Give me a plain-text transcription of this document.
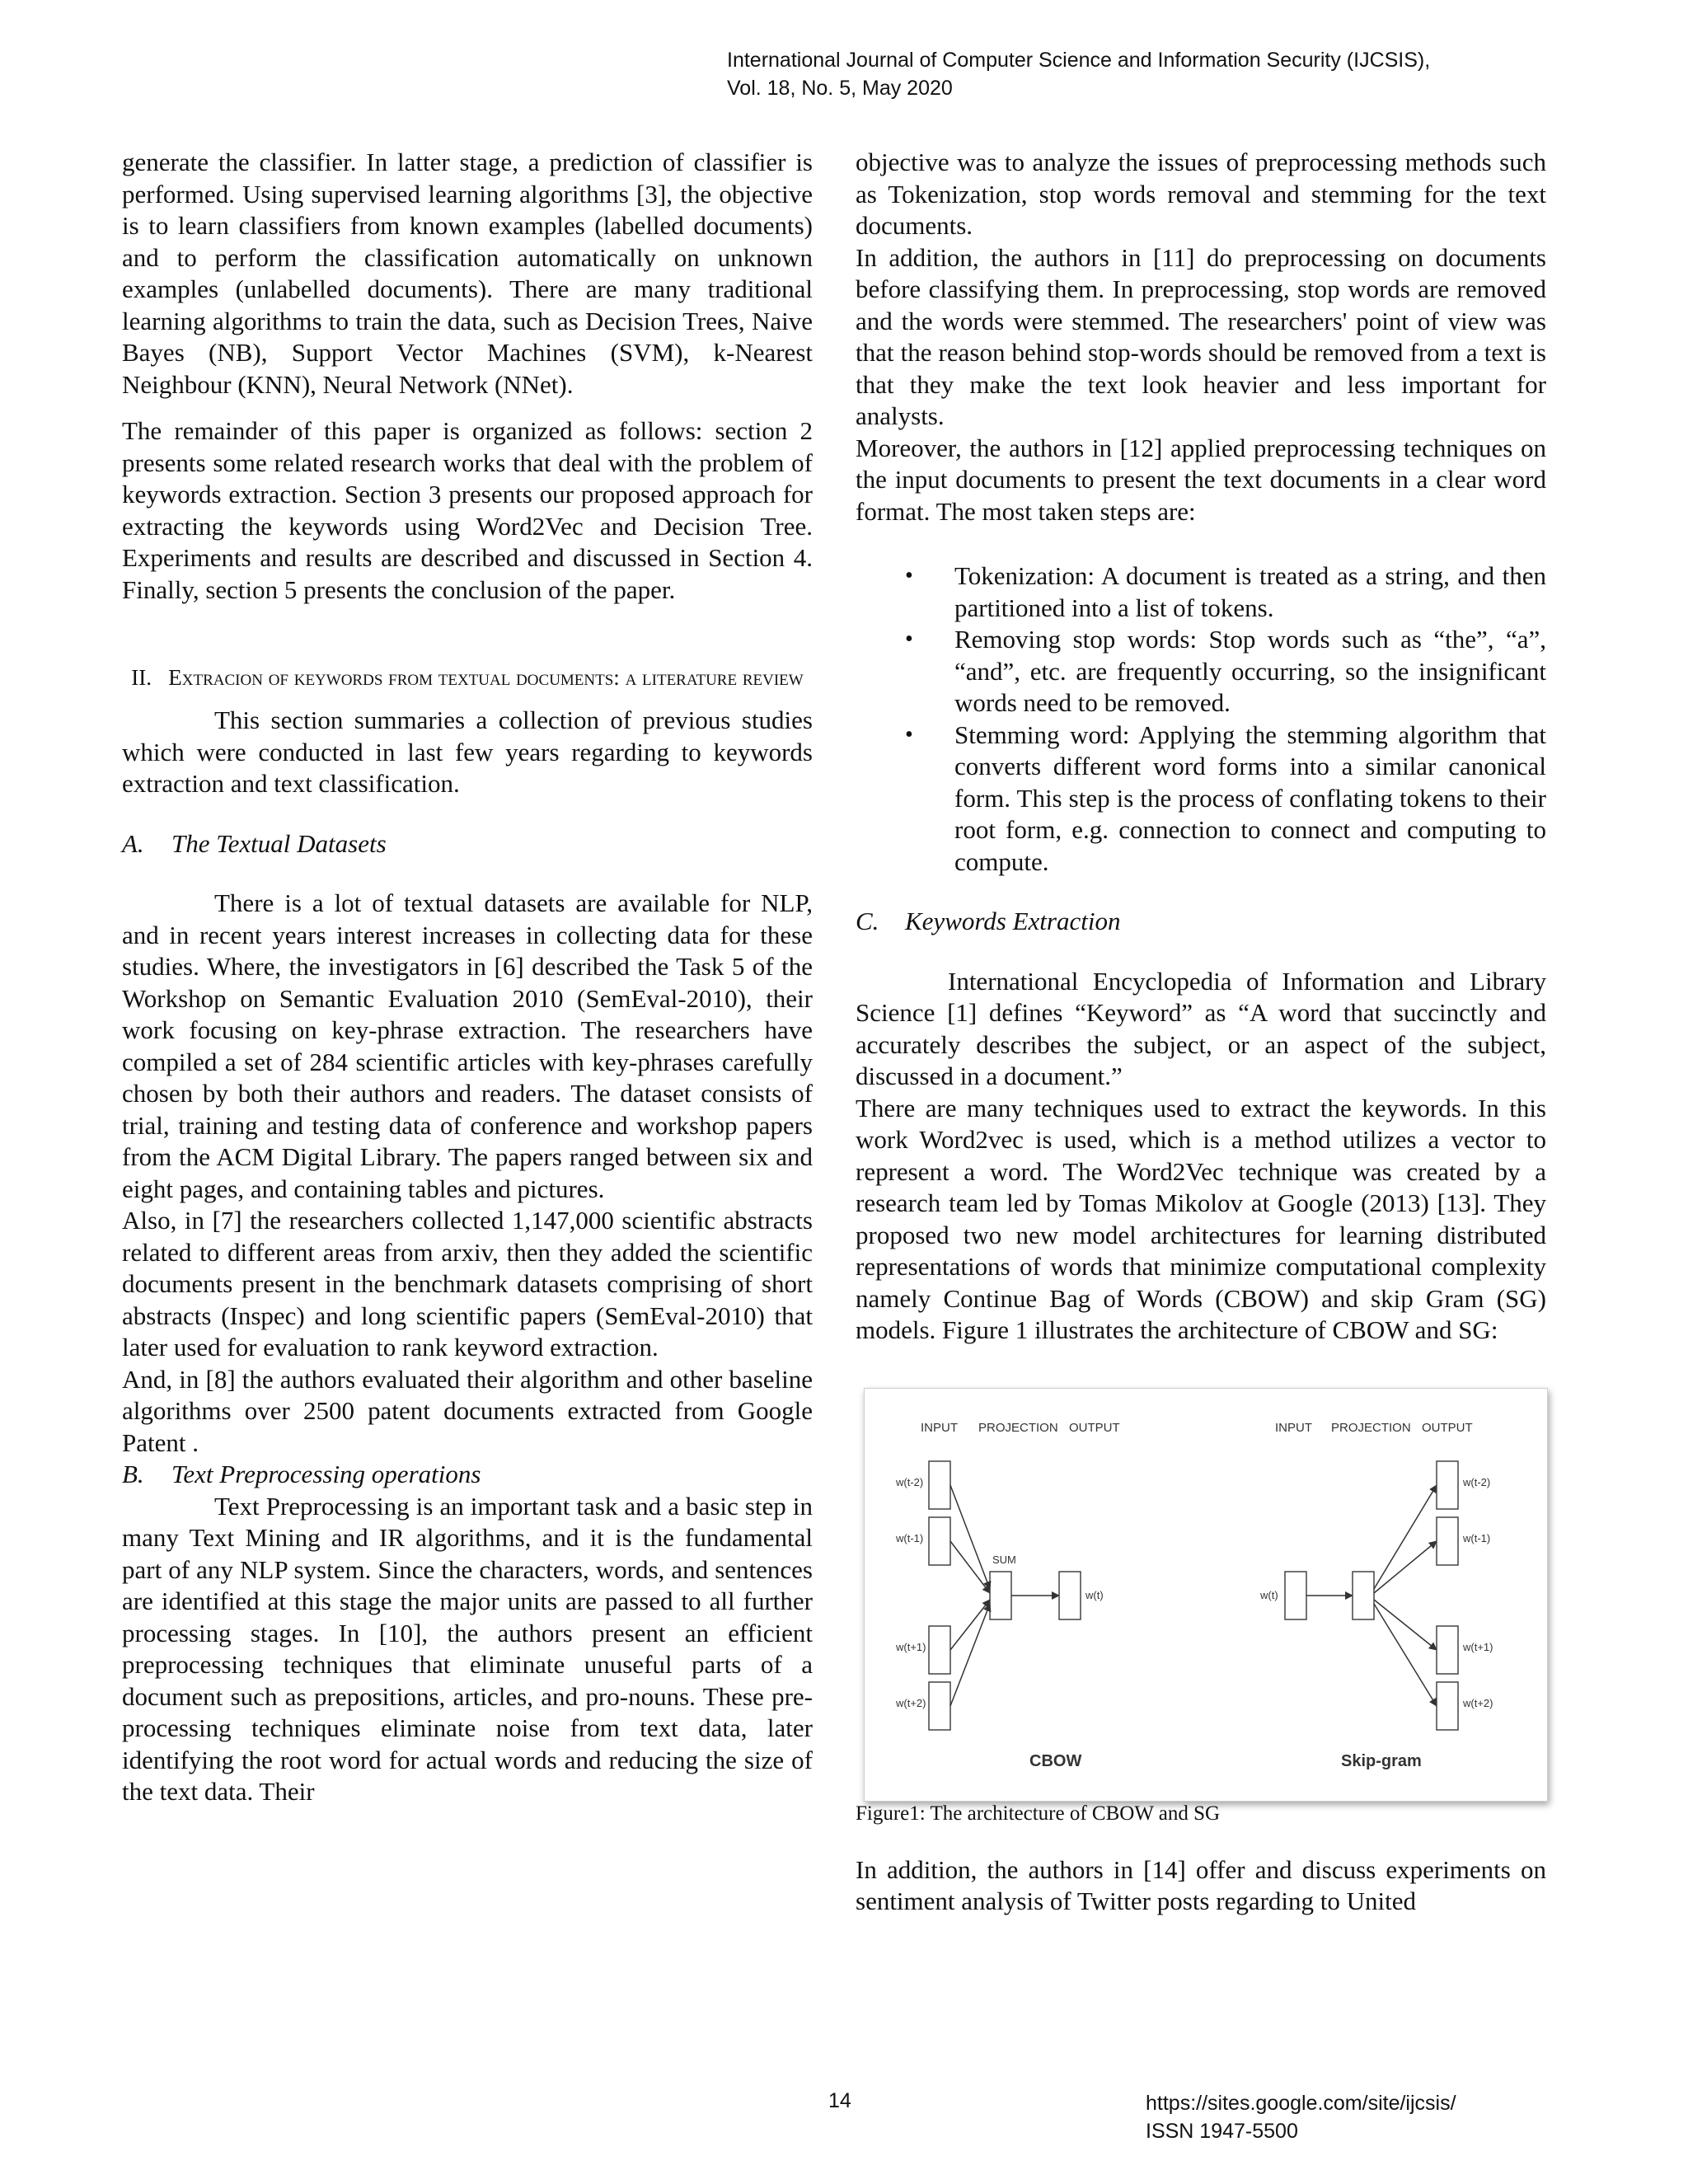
International Journal of Computer Science and Information Security (IJCSIS),
Vol. 18, No. 5, May 2020

generate the classifier. In latter stage, a prediction of classifier is performed. Using supervised learning algorithms [3], the objective is to learn classifiers from known examples (labelled documents) and to perform the classification automatically on unknown examples (unlabelled documents). There are many traditional learning algorithms to train the data, such as Decision Trees, Naive Bayes (NB), Support Vector Machines (SVM), k-Nearest Neighbour (KNN), Neural Network (NNet).

The remainder of this paper is organized as follows: section 2 presents some related research works that deal with the problem of keywords extraction. Section 3 presents our proposed approach for extracting the keywords using Word2Vec and Decision Tree. Experiments and results are described and discussed in Section 4. Finally, section 5 presents the conclusion of the paper.

II. Extracion of keywords from textual documents: a literature review

This section summaries a collection of previous studies which were conducted in last few years regarding to keywords extraction and text classification.

A. The Textual Datasets

There is a lot of textual datasets are available for NLP, and in recent years interest increases in collecting data for these studies. Where, the investigators in [6] described the Task 5 of the Workshop on Semantic Evaluation 2010 (SemEval-2010), their work focusing on key-phrase extraction. The researchers have compiled a set of 284 scientific articles with key-phrases carefully chosen by both their authors and readers. The dataset consists of trial, training and testing data of conference and workshop papers from the ACM Digital Library. The papers ranged between six and eight pages, and containing tables and pictures.

Also, in [7] the researchers collected 1,147,000 scientific abstracts related to different areas from arxiv, then they added the scientific documents present in the benchmark datasets comprising of short abstracts (Inspec) and long scientific papers (SemEval-2010) that later used for evaluation to rank keyword extraction.

And, in [8] the authors evaluated their algorithm and other baseline algorithms over 2500 patent documents extracted from Google Patent .

B. Text Preprocessing operations

Text Preprocessing is an important task and a basic step in many Text Mining and IR algorithms, and it is the fundamental part of any NLP system. Since the characters, words, and sentences are identified at this stage the major units are passed to all further processing stages. In [10], the authors present an efficient preprocessing techniques that eliminate unuseful parts of a document such as prepositions, articles, and pro-nouns. These pre-processing techniques eliminate noise from text data, later identifying the root word for actual words and reducing the size of the text data. Their

objective was to analyze the issues of preprocessing methods such as Tokenization, stop words removal and stemming for the text documents.

In addition, the authors in [11] do preprocessing on documents before classifying them. In preprocessing, stop words are removed and the words were stemmed. The researchers' point of view was that the reason behind stop-words should be removed from a text is that they make the text look heavier and less important for analysts.

Moreover, the authors in [12] applied preprocessing techniques on the input documents to present the text documents in a clear word format. The most taken steps are:

• Tokenization: A document is treated as a string, and then partitioned into a list of tokens.
• Removing stop words: Stop words such as “the”, “a”, “and”, etc. are frequently occurring, so the insignificant words need to be removed.
• Stemming word: Applying the stemming algorithm that converts different word forms into a similar canonical form. This step is the process of conflating tokens to their root form, e.g. connection to connect and computing to compute.
C. Keywords Extraction

International Encyclopedia of Information and Library Science [1] defines “Keyword” as “A word that succinctly and accurately describes the subject, or an aspect of the subject, discussed in a document.”

There are many techniques used to extract the keywords. In this work Word2vec is used, which is a method utilizes a vector to represent a word. The Word2Vec technique was created by a research team led by Tomas Mikolov at Google (2013) [13]. They proposed two new model architectures for learning distributed representations of words that minimize computational complexity namely Continue Bag of Words (CBOW) and skip Gram (SG) models. Figure 1 illustrates the architecture of CBOW and SG:

INPUT PROJECTION OUTPUT
w(t-2)
w(t-1)
w(t+1)
w(t+2)
SUM
w(t)
CBOW
INPUT PROJECTION OUTPUT
w(t)
w(t-2)
w(t-1)
w(t+1)
w(t+2)
Skip-gram

Figure1: The architecture of CBOW and SG

In addition, the authors in [14] offer and discuss experiments on sentiment analysis of Twitter posts regarding to United

14	https://sites.google.com/site/ijcsis/
ISSN 1947-5500
